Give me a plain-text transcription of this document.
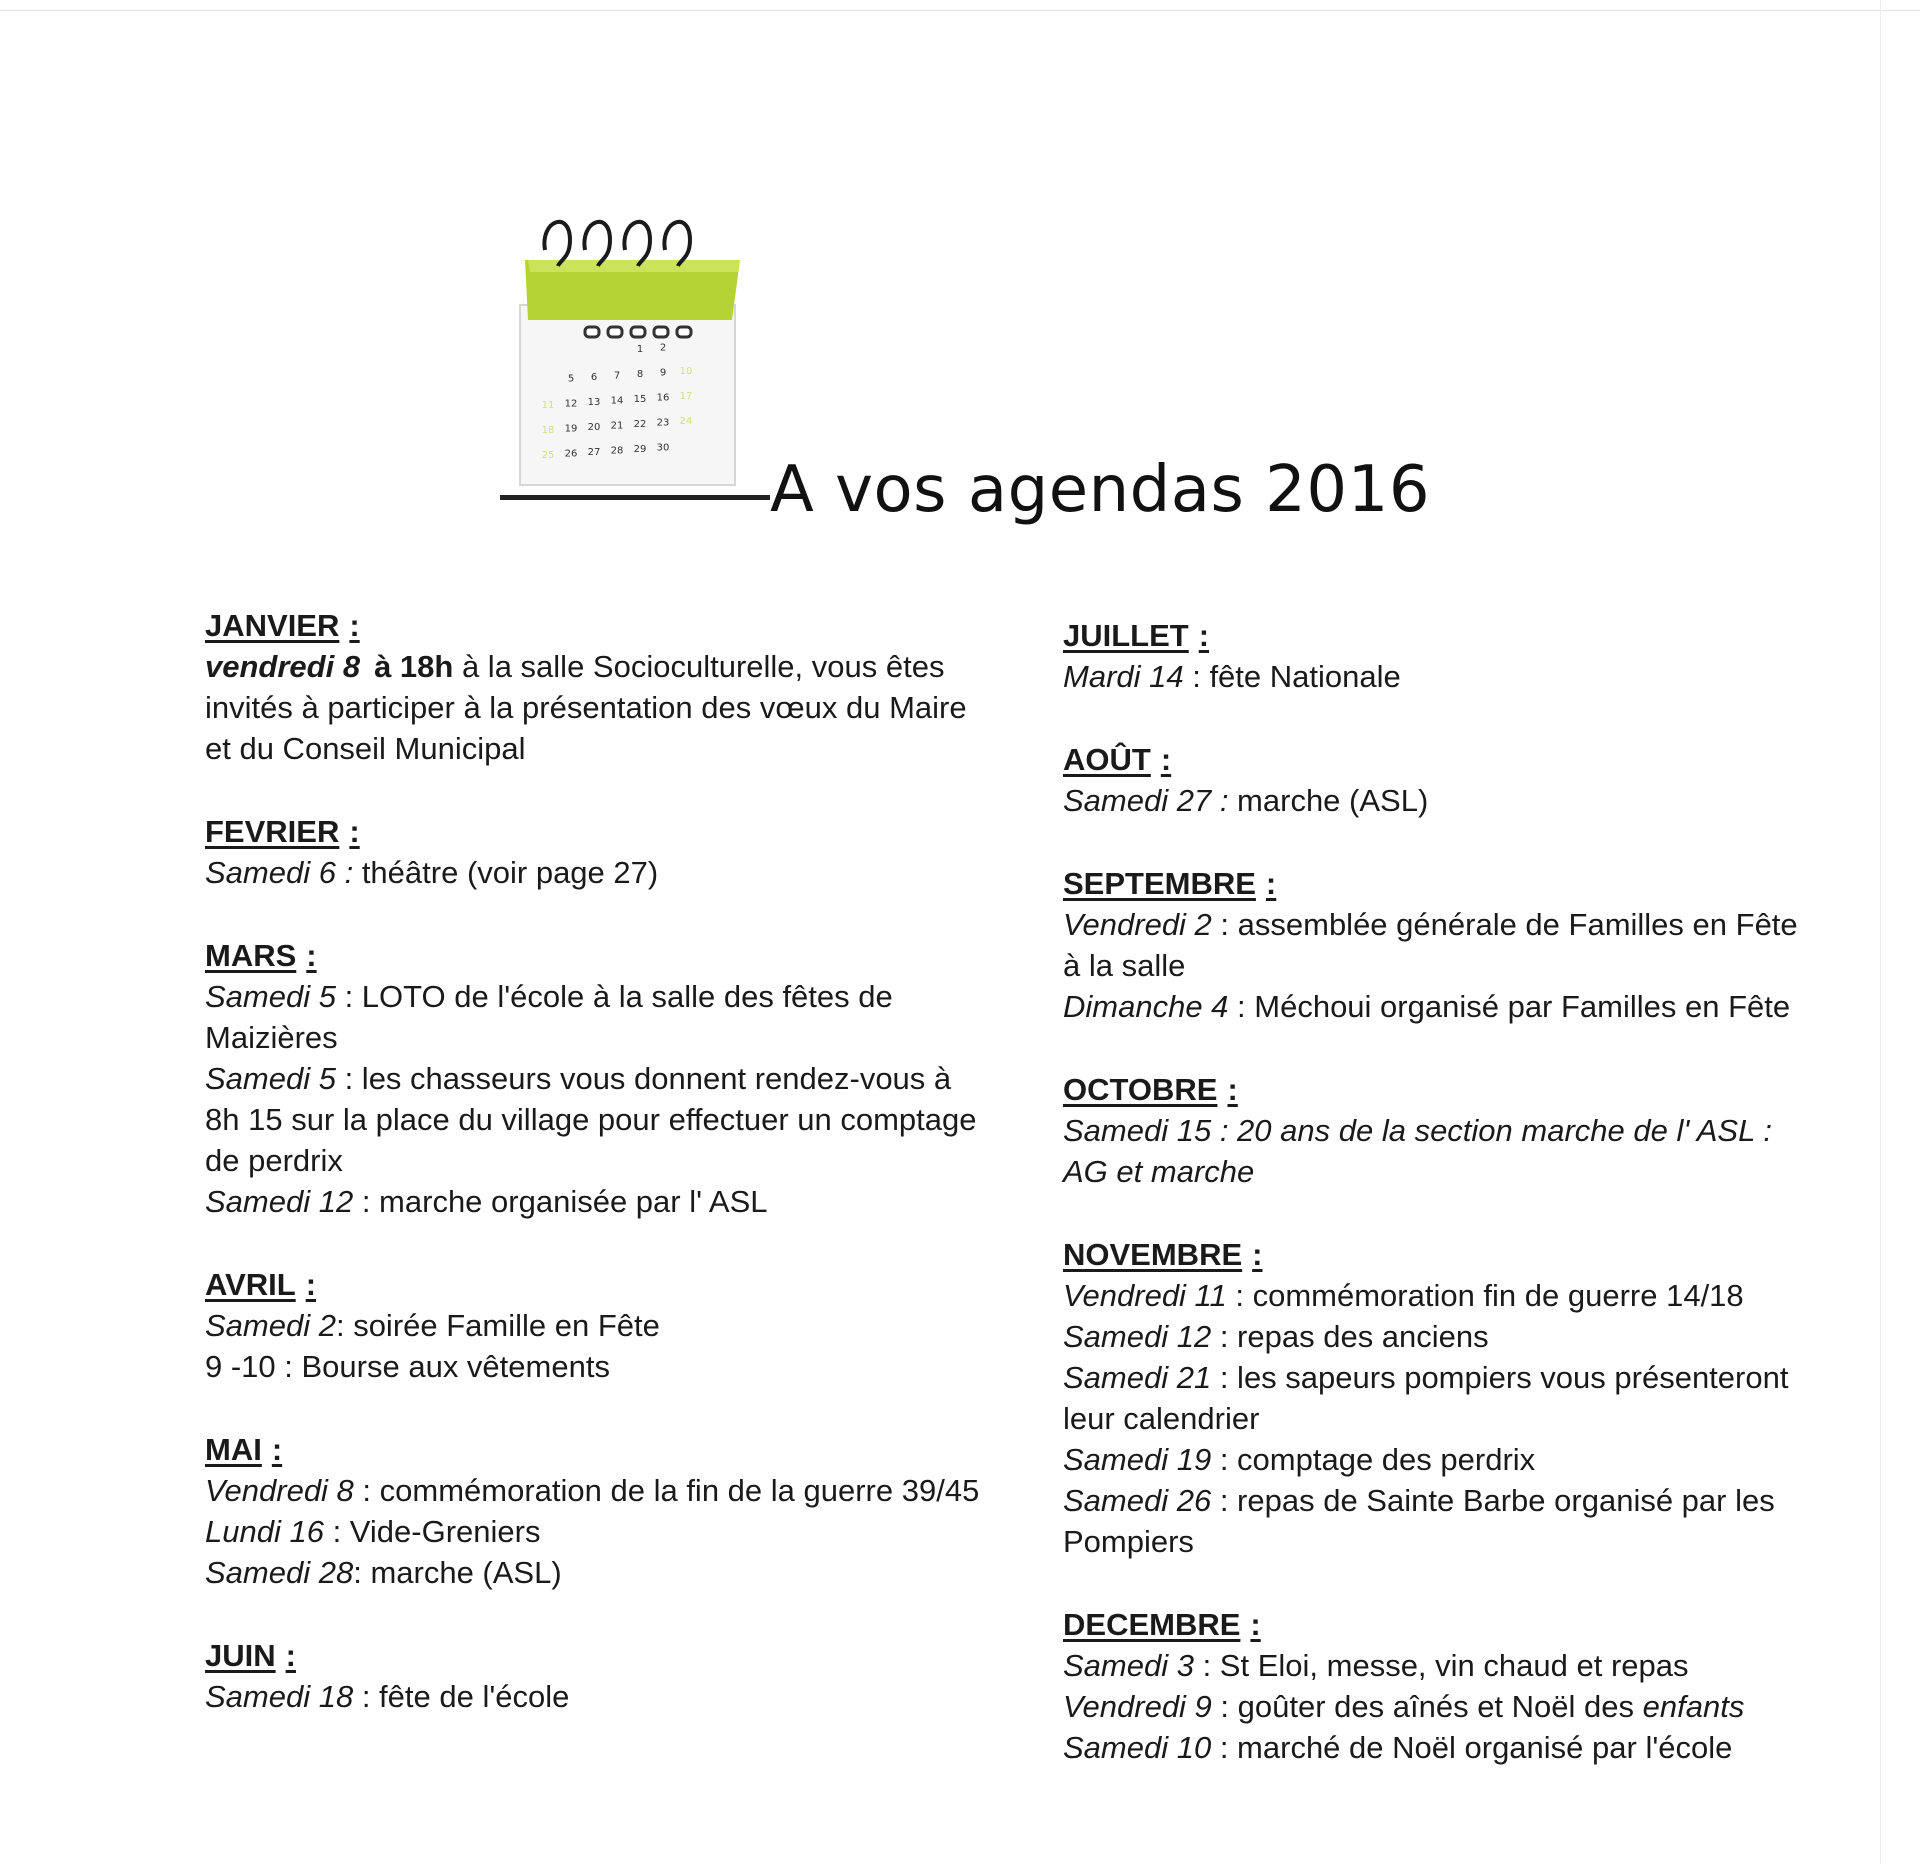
1 2
5 6 7 8 9 10
11 12 13 14 15 16 17
18 19 20 21 22 23 24
25 26 27 28 29 30
A vos agendas 2016
JANVIER :

vendredi 8 à 18h à la salle Socioculturelle, vous êtes invités à participer à la présentation des vœux du Maire et du Conseil Municipal

FEVRIER :

Samedi 6 : théâtre (voir page 27)

MARS :

Samedi 5 : LOTO de l'école à la salle des fêtes de Maizières

Samedi 5 : les chasseurs vous donnent rendez-vous à 8h 15 sur la place du village pour effectuer un comptage de perdrix

Samedi 12 : marche organisée par l' ASL

AVRIL :

Samedi 2: soirée Famille en Fête

9 -10 : Bourse aux vêtements

MAI :

Vendredi 8 : commémoration de la fin de la guerre 39/45

Lundi 16 : Vide-Greniers

Samedi 28: marche (ASL)

JUIN :

Samedi 18 : fête de l'école

JUILLET :

Mardi 14 : fête Nationale

AOÛT :

Samedi 27 : marche (ASL)

SEPTEMBRE :

Vendredi 2 : assemblée générale de Familles en Fête à la salle

Dimanche 4 : Méchoui organisé par Familles en Fête

OCTOBRE :

Samedi 15 : 20 ans de la section marche de l' ASL : AG et marche

NOVEMBRE :

Vendredi 11 : commémoration fin de guerre 14/18

Samedi 12 : repas des anciens

Samedi 21 : les sapeurs pompiers vous présenteront leur calendrier

Samedi 19 : comptage des perdrix

Samedi 26 : repas de Sainte Barbe organisé par les Pompiers

DECEMBRE :

Samedi 3 : St Eloi, messe, vin chaud et repas

Vendredi 9 : goûter des aînés et Noël des enfants

Samedi 10 : marché de Noël organisé par l'école
